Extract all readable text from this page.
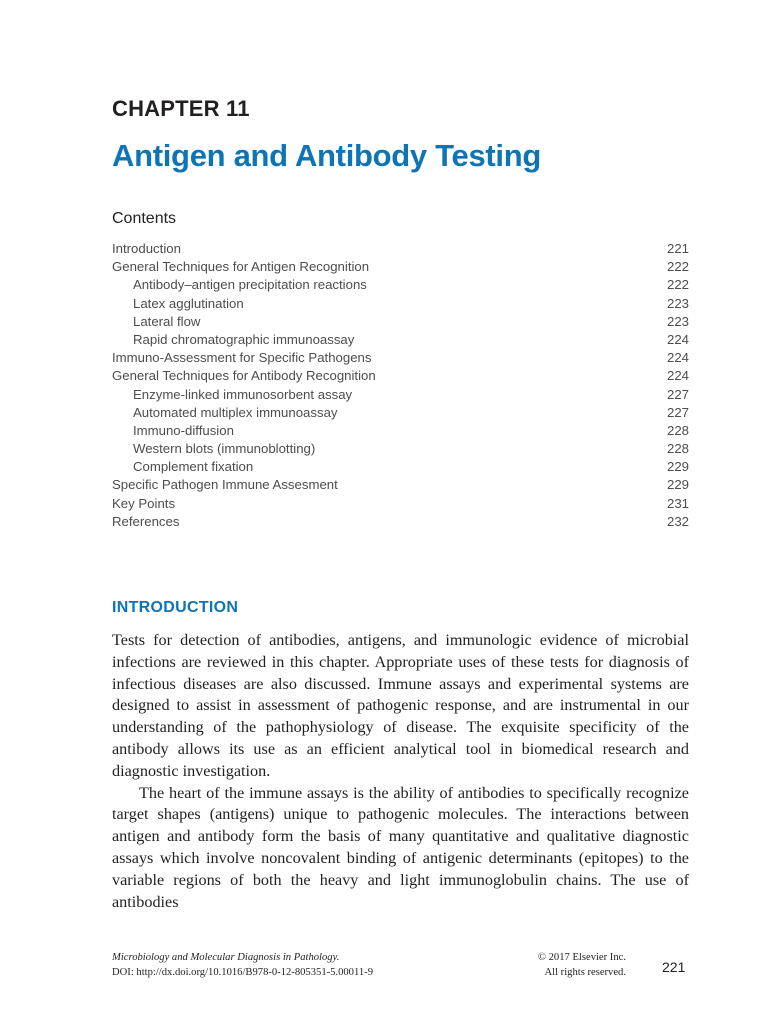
CHAPTER 11
Antigen and Antibody Testing
Contents
Introduction	221
General Techniques for Antigen Recognition	222
Antibody–antigen precipitation reactions	222
Latex agglutination	223
Lateral flow	223
Rapid chromatographic immunoassay	224
Immuno-Assessment for Specific Pathogens	224
General Techniques for Antibody Recognition	224
Enzyme-linked immunosorbent assay	227
Automated multiplex immunoassay	227
Immuno-diffusion	228
Western blots (immunoblotting)	228
Complement fixation	229
Specific Pathogen Immune Assesment	229
Key Points	231
References	232
INTRODUCTION

Tests for detection of antibodies, antigens, and immunologic evidence of microbial infections are reviewed in this chapter. Appropriate uses of these tests for diagnosis of infectious diseases are also discussed. Immune assays and experimental systems are designed to assist in assessment of pathogenic response, and are instrumental in our understanding of the pathophysiology of disease. The exquisite specificity of the antibody allows its use as an efficient analytical tool in biomedical research and diagnostic investigation.

The heart of the immune assays is the ability of antibodies to specifically recognize target shapes (antigens) unique to pathogenic molecules. The interactions between antigen and antibody form the basis of many quantitative and qualitative diagnostic assays which involve noncovalent binding of antigenic determinants (epitopes) to the variable regions of both the heavy and light immunoglobulin chains. The use of antibodies

Microbiology and Molecular Diagnosis in Pathology.
DOI: http://dx.doi.org/10.1016/B978-0-12-805351-5.00011-9
© 2017 Elsevier Inc.
All rights reserved.	221
